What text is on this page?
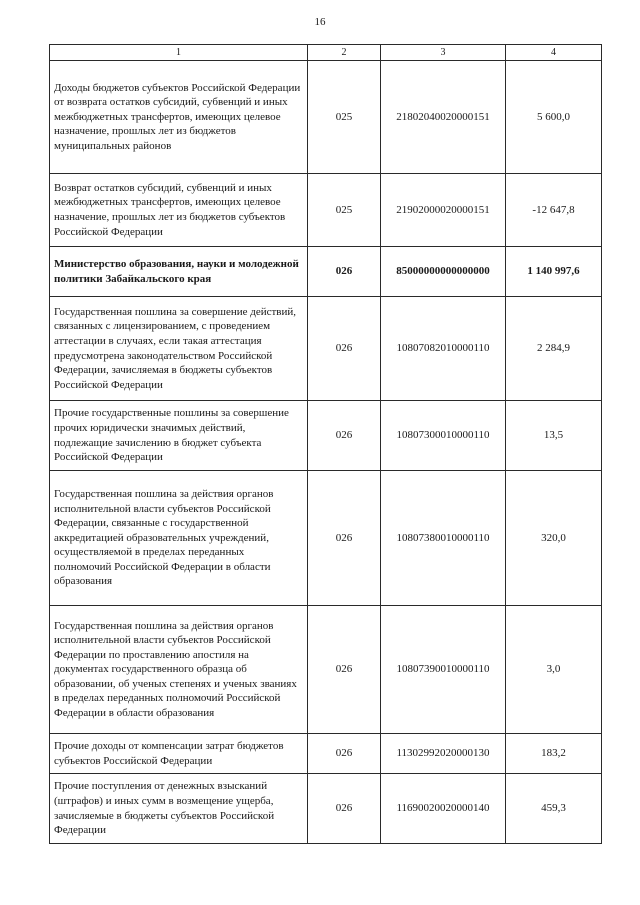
16
1	2	3	4
Доходы бюджетов субъектов Российской Федерации от возврата остатков субсидий, субвенций и иных межбюджетных трансфертов, имеющих целевое назначение, прошлых лет из бюджетов муниципальных районов	025	21802040020000151	5 600,0
Возврат остатков субсидий, субвенций и иных межбюджетных трансфертов, имеющих целевое назначение, прошлых лет из бюджетов субъектов Российской Федерации	025	21902000020000151	-12 647,8
Министерство образования, науки и молодежной политики Забайкальского края	026	85000000000000000	1 140 997,6
Государственная пошлина за совершение действий, связанных с лицензированием, с проведением аттестации в случаях, если такая аттестация предусмотрена законодательством Российской Федерации, зачисляемая в бюджеты субъектов Российской Федерации	026	10807082010000110	2 284,9
Прочие государственные пошлины за совершение прочих юридически значимых действий, подлежащие зачислению в бюджет субъекта Российской Федерации	026	10807300010000110	13,5
Государственная пошлина за действия органов исполнительной власти субъектов Российской Федерации, связанные с государственной аккредитацией образовательных учреждений, осуществляемой в пределах переданных полномочий Российской Федерации в области образования	026	10807380010000110	320,0
Государственная пошлина за действия органов исполнительной власти субъектов Российской Федерации по проставлению апостиля на документах государственного образца об образовании, об ученых степенях и ученых званиях в пределах переданных полномочий Российской Федерации в области образования	026	10807390010000110	3,0
Прочие доходы от компенсации затрат бюджетов субъектов Российской Федерации	026	11302992020000130	183,2
Прочие поступления от денежных взысканий (штрафов) и иных сумм в возмещение ущерба, зачисляемые в бюджеты субъектов Российской Федерации	026	11690020020000140	459,3
